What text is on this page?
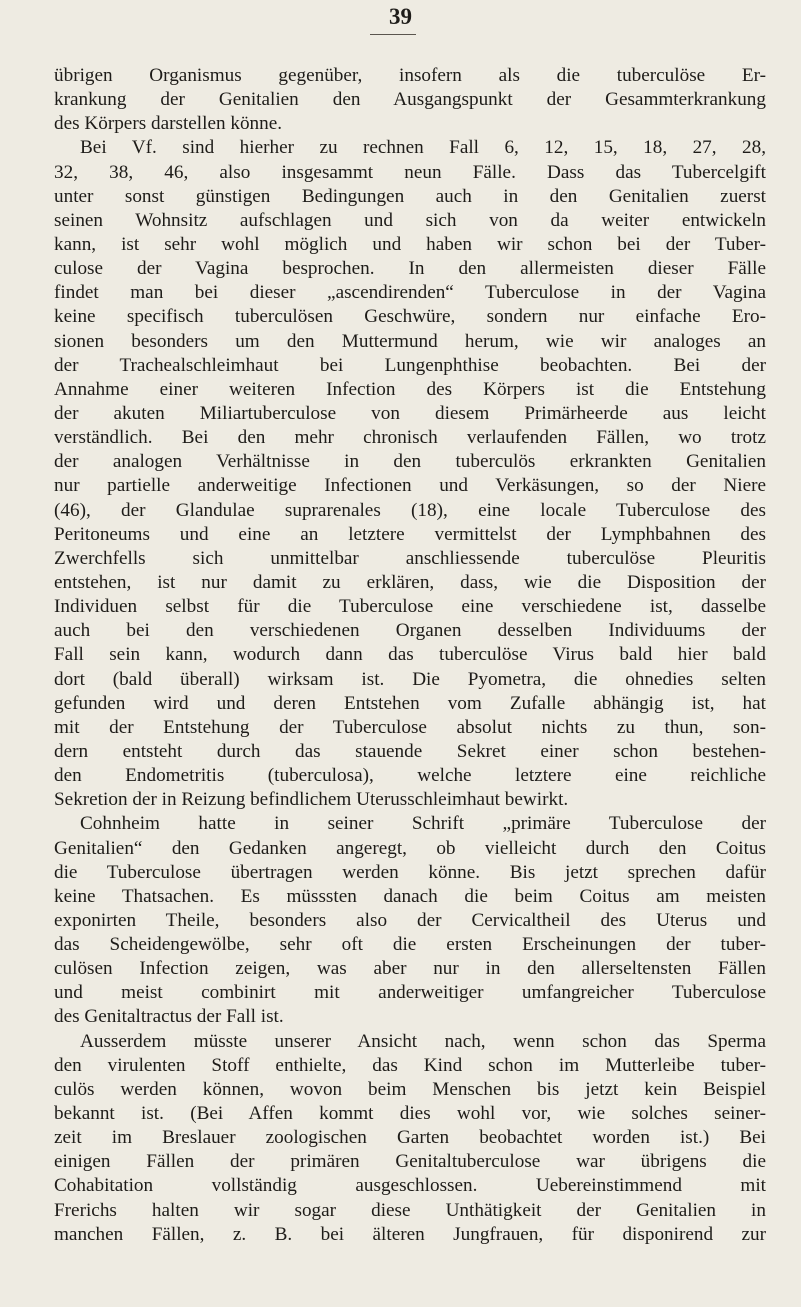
39
übrigen Organismus gegenüber, insofern als die tuberculöse Er-
krankung der Genitalien den Ausgangspunkt der Gesammterkrankung
des Körpers darstellen könne.
Bei Vf. sind hierher zu rechnen Fall 6, 12, 15, 18, 27, 28,
32, 38, 46, also insgesammt neun Fälle. Dass das Tubercelgift
unter sonst günstigen Bedingungen auch in den Genitalien zuerst
seinen Wohnsitz aufschlagen und sich von da weiter entwickeln
kann, ist sehr wohl möglich und haben wir schon bei der Tuber-
culose der Vagina besprochen. In den allermeisten dieser Fälle
findet man bei dieser „ascendirenden“ Tuberculose in der Vagina
keine specifisch tuberculösen Geschwüre, sondern nur einfache Ero-
sionen besonders um den Muttermund herum, wie wir analoges an
der Trachealschleimhaut bei Lungenphthise beobachten. Bei der
Annahme einer weiteren Infection des Körpers ist die Entstehung
der akuten Miliartuberculose von diesem Primärheerde aus leicht
verständlich. Bei den mehr chronisch verlaufenden Fällen, wo trotz
der analogen Verhältnisse in den tuberculös erkrankten Genitalien
nur partielle anderweitige Infectionen und Verkäsungen, so der Niere
(46), der Glandulae suprarenales (18), eine locale Tuberculose des
Peritoneums und eine an letztere vermittelst der Lymphbahnen des
Zwerchfells sich unmittelbar anschliessende tuberculöse Pleuritis
entstehen, ist nur damit zu erklären, dass, wie die Disposition der
Individuen selbst für die Tuberculose eine verschiedene ist, dasselbe
auch bei den verschiedenen Organen desselben Individuums der
Fall sein kann, wodurch dann das tuberculöse Virus bald hier bald
dort (bald überall) wirksam ist. Die Pyometra, die ohnedies selten
gefunden wird und deren Entstehen vom Zufalle abhängig ist, hat
mit der Entstehung der Tuberculose absolut nichts zu thun, son-
dern entsteht durch das stauende Sekret einer schon bestehen-
den Endometritis (tuberculosa), welche letztere eine reichliche
Sekretion der in Reizung befindlichem Uterusschleimhaut bewirkt.
Cohnheim hatte in seiner Schrift „primäre Tuberculose der
Genitalien“ den Gedanken angeregt, ob vielleicht durch den Coitus
die Tuberculose übertragen werden könne. Bis jetzt sprechen dafür
keine Thatsachen. Es müsssten danach die beim Coitus am meisten
exponirten Theile, besonders also der Cervicaltheil des Uterus und
das Scheidengewölbe, sehr oft die ersten Erscheinungen der tuber-
culösen Infection zeigen, was aber nur in den allerseltensten Fällen
und meist combinirt mit anderweitiger umfangreicher Tuberculose
des Genitaltractus der Fall ist.
Ausserdem müsste unserer Ansicht nach, wenn schon das Sperma
den virulenten Stoff enthielte, das Kind schon im Mutterleibe tuber-
culös werden können, wovon beim Menschen bis jetzt kein Beispiel
bekannt ist. (Bei Affen kommt dies wohl vor, wie solches seiner-
zeit im Breslauer zoologischen Garten beobachtet worden ist.) Bei
einigen Fällen der primären Genitaltuberculose war übrigens die
Cohabitation vollständig ausgeschlossen. Uebereinstimmend mit
Frerichs halten wir sogar diese Unthätigkeit der Genitalien in
manchen Fällen, z. B. bei älteren Jungfrauen, für disponirend zur
